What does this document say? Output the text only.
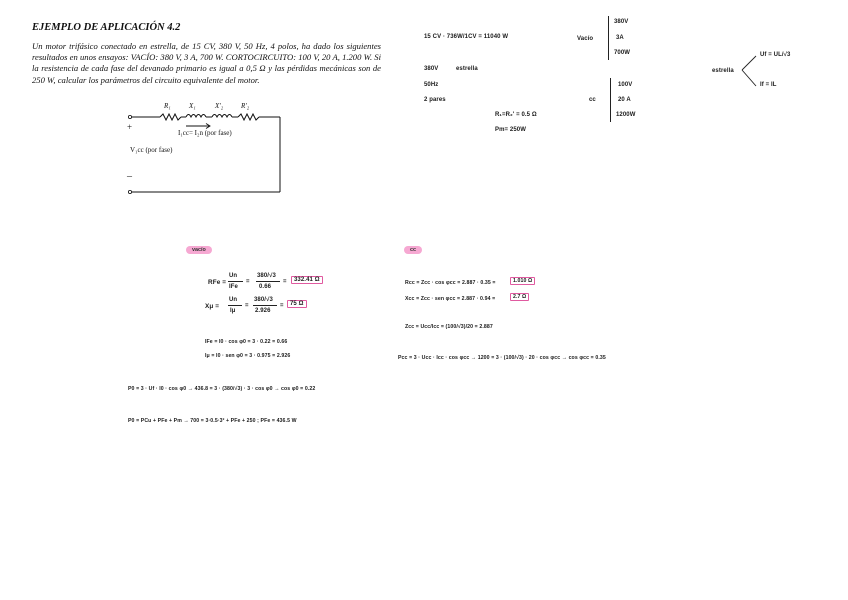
EJEMPLO DE APLICACIÓN 4.2
Un motor trifásico conectado en estrella, de 15 CV, 380 V, 50 Hz, 4 polos, ha dado los siguientes resultados en unos ensayos: VACÍO: 380 V, 3 A, 700 W. CORTOCIRCUITO: 100 V, 20 A, 1.200 W. Si la resistencia de cada fase del devanado primario es igual a 0,5 Ω y las pérdidas mecánicas son de 250 W, calcular los parámetros del circuito equivalente del motor.
R₁	X₁	X′₂	R′₂
I₁cc= I₂n (por fase)
+
V₁cc (por fase)
–
15 CV · 736W/1CV = 11040 W
380V	estrella
50Hz
2 pares
R₁=R₂' = 0.5 Ω
Pm= 250W
Vacío
380V
3A
700W
cc
100V
20 A
1200W
estrella
Uf = UL/√3
If = IL
vacío
RFe =
Un
IFe
=
380/√3
0.66
=	332.41 Ω
Xμ =
Un
Iμ
=
380/√3
2.926
=	75 Ω
IFe = I0 · cos φ0 = 3 · 0.22 = 0.66
Iμ = I0 · sen φ0 = 3 · 0.975 = 2.926
P0 = 3 · Uf · I0 · cos φ0 → 436.8 = 3 · (380/√3) · 3 · cos φ0 → cos φ0 = 0.22
P0 = PCu + PFe + Pm → 700 = 3·0.5·3² + PFe + 250 ; PFe = 436.5 W
cc
Rcc = Zcc · cos φcc = 2.887 · 0.35 =	1.010 Ω
Xcc = Zcc · sen φcc = 2.887 · 0.94 =	2.7 Ω
Zcc = Ucc/Icc = (100/√3)/20 = 2.887
Pcc = 3 · Ucc · Icc · cos φcc → 1200 = 3 · (100/√3) · 20 · cos φcc → cos φcc = 0.35
